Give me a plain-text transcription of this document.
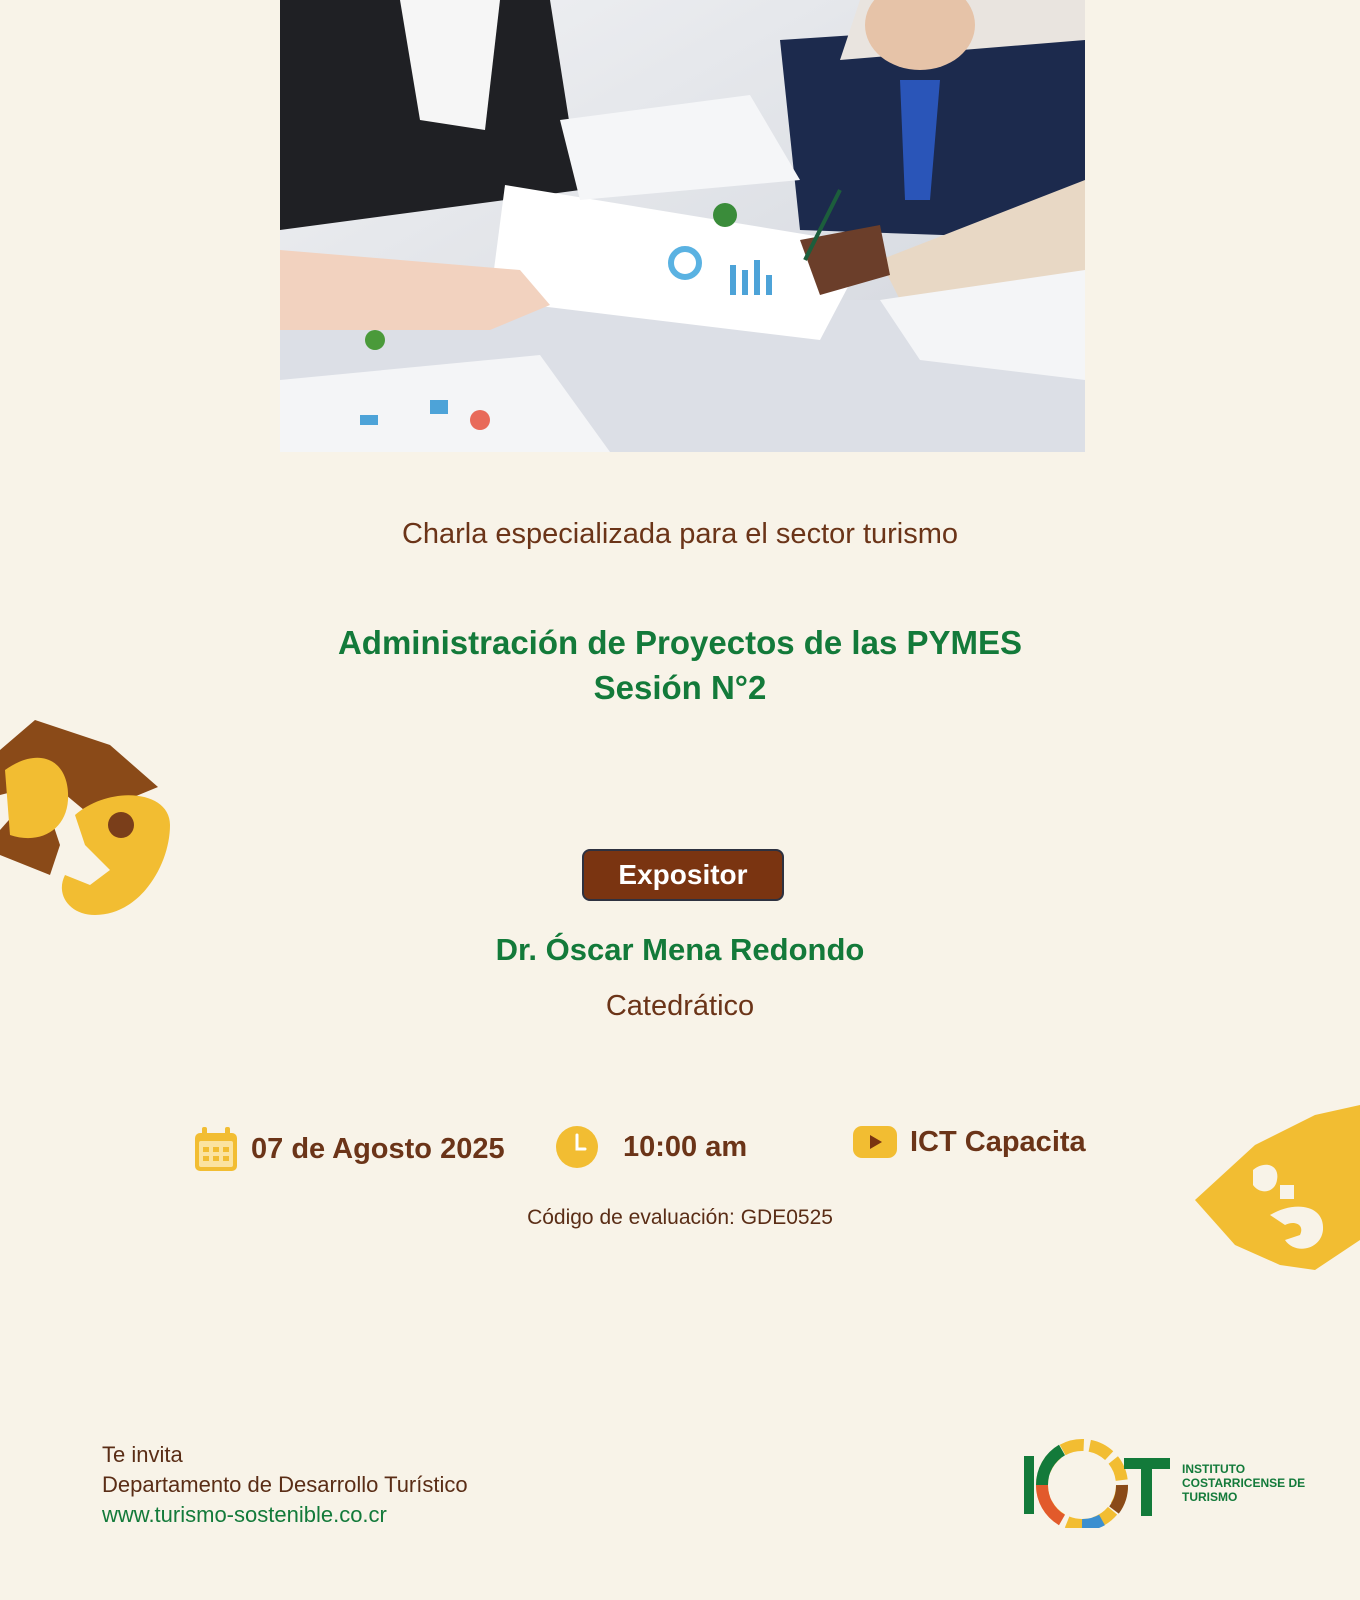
Charla especializada para el sector turismo
Administración de Proyectos de las PYMES
Sesión N°2
Expositor
Dr. Óscar Mena Redondo
Catedrático
07 de Agosto 2025	10:00 am	ICT Capacita
Código de evaluación: GDE0525
Te invita
Departamento de Desarrollo Turístico
www.turismo-sostenible.co.cr
ICT
INSTITUTO
COSTARRICENSE DE
TURISMO
